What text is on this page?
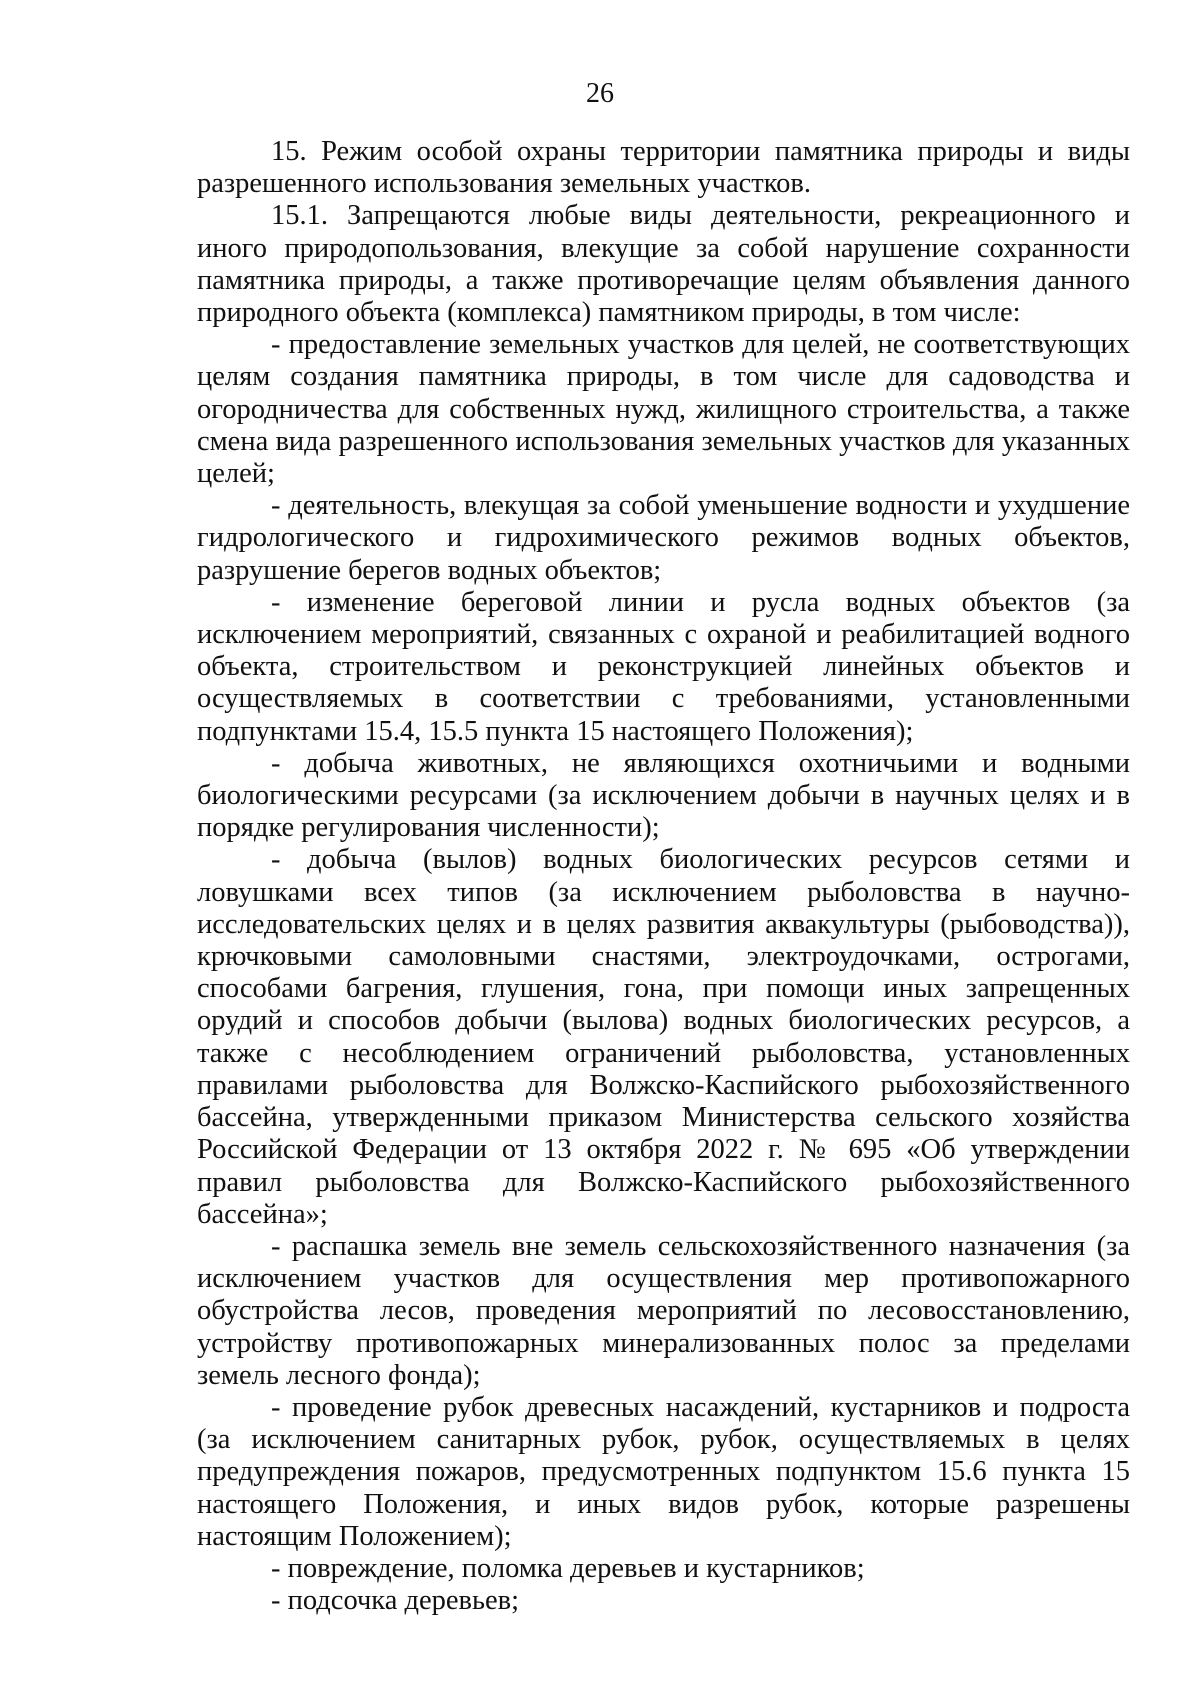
26

15. Режим особой охраны территории памятника природы и виды разрешенного использования земельных участков.

15.1. Запрещаются любые виды деятельности, рекреационного и иного природопользования, влекущие за собой нарушение сохранности памятника природы, а также противоречащие целям объявления данного природного объекта (комплекса) памятником природы, в том числе:

- предоставление земельных участков для целей, не соответствующих целям создания памятника природы, в том числе для садоводства и огородничества для собственных нужд, жилищного строительства, а также смена вида разрешенного использования земельных участков для указанных целей;

- деятельность, влекущая за собой уменьшение водности и ухудшение гидрологического и гидрохимического режимов водных объектов, разрушение берегов водных объектов;

- изменение береговой линии и русла водных объектов (за исключением мероприятий, связанных с охраной и реабилитацией водного объекта, строительством и реконструкцией линейных объектов и осуществляемых в соответствии с требованиями, установленными подпунктами 15.4, 15.5 пункта 15 настоящего Положения);

- добыча животных, не являющихся охотничьими и водными биологическими ресурсами (за исключением добычи в научных целях и в порядке регулирования численности);

- добыча (вылов) водных биологических ресурсов сетями и ловушками всех типов (за исключением рыболовства в научно-исследовательских целях и в целях развития аквакультуры (рыбоводства)), крючковыми самоловными снастями, электроудочками, острогами, способами багрения, глушения, гона, при помощи иных запрещенных орудий и способов добычи (вылова) водных биологических ресурсов, а также с несоблюдением ограничений рыболовства, установленных правилами рыболовства для Волжско-Каспийского рыбохозяйственного бассейна, утвержденными приказом Министерства сельского хозяйства Российской Федерации от 13 октября 2022 г. № 695 «Об утверждении правил рыболовства для Волжско-Каспийского рыбохозяйственного бассейна»;

- распашка земель вне земель сельскохозяйственного назначения (за исключением участков для осуществления мер противопожарного обустройства лесов, проведения мероприятий по лесовосстановлению, устройству противопожарных минерализованных полос за пределами земель лесного фонда);

- проведение рубок древесных насаждений, кустарников и подроста (за исключением санитарных рубок, рубок, осуществляемых в целях предупреждения пожаров, предусмотренных подпунктом 15.6 пункта 15 настоящего Положения, и иных видов рубок, которые разрешены настоящим Положением);

- повреждение, поломка деревьев и кустарников;

- подсочка деревьев;
